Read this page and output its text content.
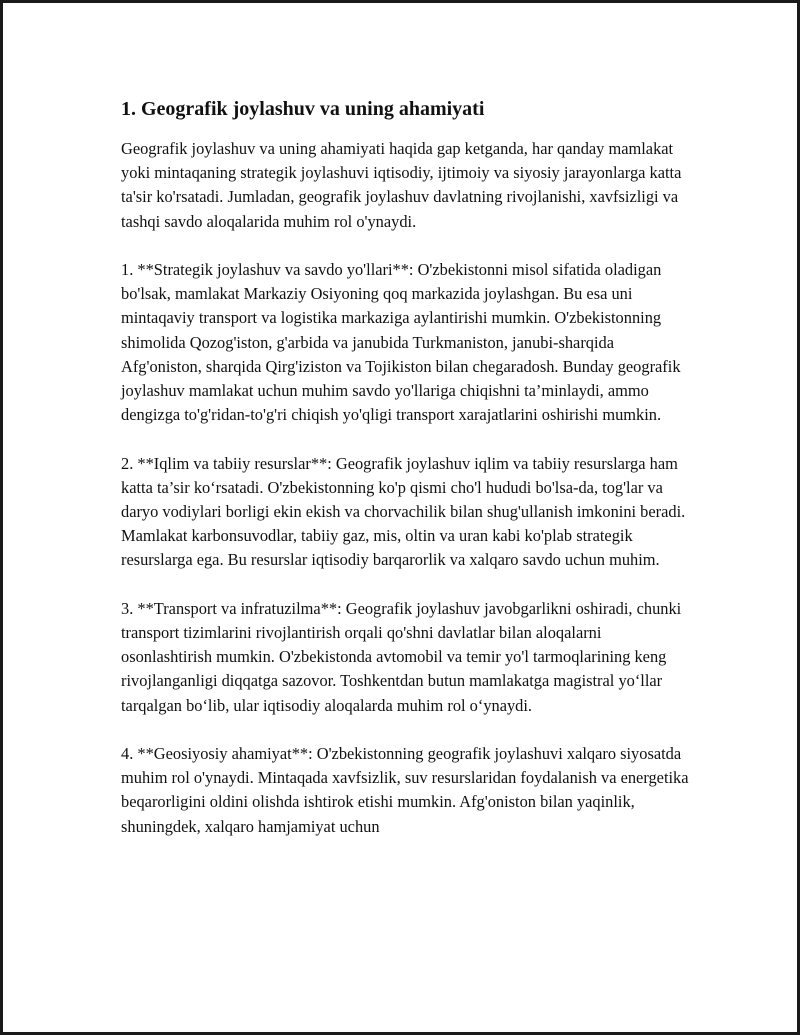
1. Geografik joylashuv va uning ahamiyati

Geografik joylashuv va uning ahamiyati haqida gap ketganda, har qanday mamlakat yoki mintaqaning strategik joylashuvi iqtisodiy, ijtimoiy va siyosiy jarayonlarga katta ta'sir ko'rsatadi. Jumladan, geografik joylashuv davlatning rivojlanishi, xavfsizligi va tashqi savdo aloqalarida muhim rol o'ynaydi.

1. **Strategik joylashuv va savdo yo'llari**: O'zbekistonni misol sifatida oladigan bo'lsak, mamlakat Markaziy Osiyoning qoq markazida joylashgan. Bu esa uni mintaqaviy transport va logistika markaziga aylantirishi mumkin. O'zbekistonning shimolida Qozog'iston, g'arbida va janubida Turkmaniston, janubi-sharqida Afg'oniston, sharqida Qirg'iziston va Tojikiston bilan chegaradosh. Bunday geografik joylashuv mamlakat uchun muhim savdo yo'llariga chiqishni ta’minlaydi, ammo dengizga to'g'ridan-to'g'ri chiqish yo'qligi transport xarajatlarini oshirishi mumkin.

2. **Iqlim va tabiiy resurslar**: Geografik joylashuv iqlim va tabiiy resurslarga ham katta ta’sir ko‘rsatadi. O'zbekistonning ko'p qismi cho'l hududi bo'lsa-da, tog'lar va daryo vodiylari borligi ekin ekish va chorvachilik bilan shug'ullanish imkonini beradi. Mamlakat karbonsuvodlar, tabiiy gaz, mis, oltin va uran kabi ko'plab strategik resurslarga ega. Bu resurslar iqtisodiy barqarorlik va xalqaro savdo uchun muhim.

3. **Transport va infratuzilma**: Geografik joylashuv javobgarlikni oshiradi, chunki transport tizimlarini rivojlantirish orqali qo'shni davlatlar bilan aloqalarni osonlashtirish mumkin. O'zbekistonda avtomobil va temir yo'l tarmoqlarining keng rivojlanganligi diqqatga sazovor. Toshkentdan butun mamlakatga magistral yo‘llar tarqalgan bo‘lib, ular iqtisodiy aloqalarda muhim rol o‘ynaydi.

4. **Geosiyosiy ahamiyat**: O'zbekistonning geografik joylashuvi xalqaro siyosatda muhim rol o'ynaydi. Mintaqada xavfsizlik, suv resurslaridan foydalanish va energetika beqarorligini oldini olishda ishtirok etishi mumkin. Afg'oniston bilan yaqinlik, shuningdek, xalqaro hamjamiyat uchun
